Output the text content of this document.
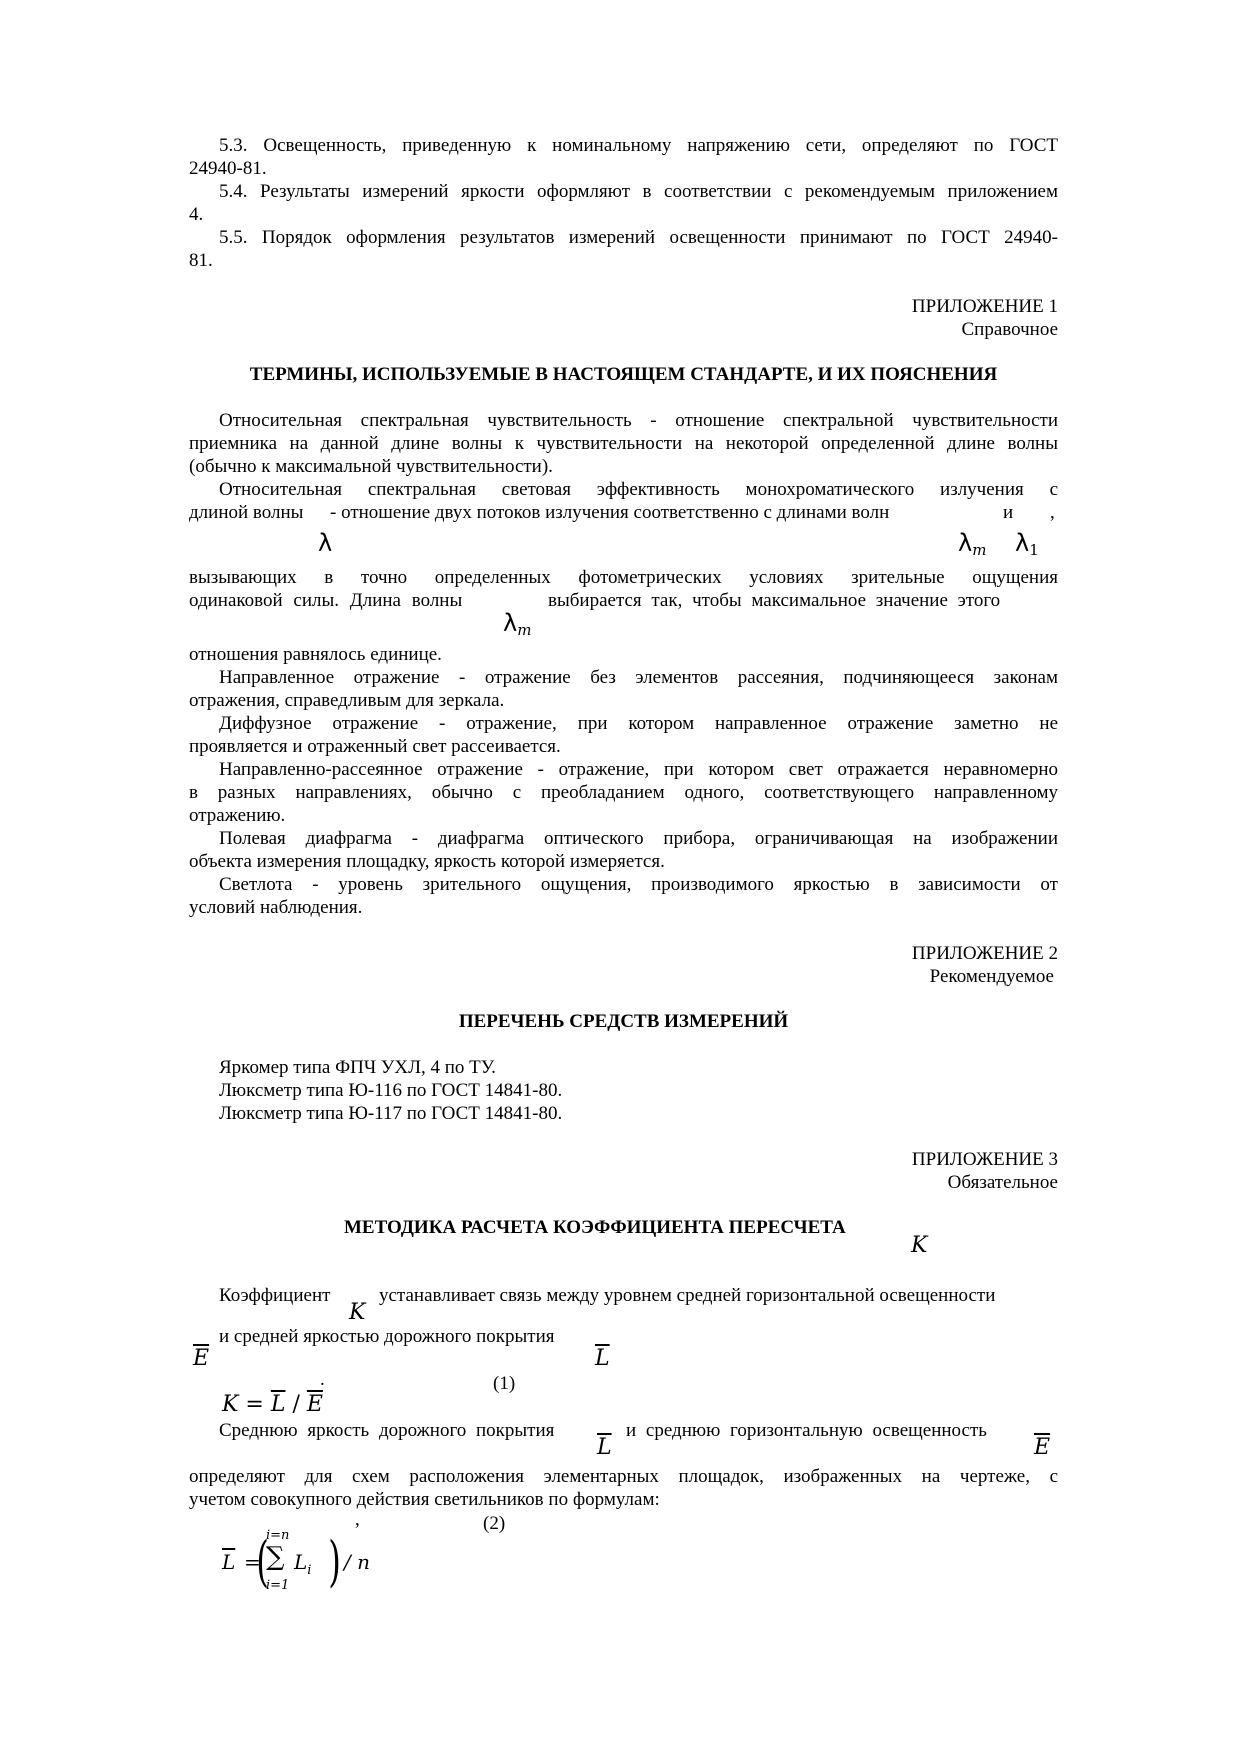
5.3. Освещенность, приведенную к номинальному напряжению сети, определяют по ГОСТ
24940-81.
5.4. Результаты измерений яркости оформляют в соответствии с рекомендуемым приложением
4.
5.5. Порядок оформления результатов измерений освещенности принимают по ГОСТ 24940-
81.
ПРИЛОЖЕНИЕ 1
Справочное
ТЕРМИНЫ, ИСПОЛЬЗУЕМЫЕ В НАСТОЯЩЕМ СТАНДАРТЕ, И ИХ ПОЯСНЕНИЯ
Относительная спектральная чувствительность - отношение спектральной чувствительности
приемника на данной длине волны к чувствительности на некоторой определенной длине волны
(обычно к максимальной чувствительности).
Относительная спектральная световая эффективность монохроматического излучения с
длиной волны - отношение двух потоков излучения соответственно с длинами волн	и ,
λ	$\lambda_m$ $\lambda_1$
вызывающих в точно определенных фотометрических условиях зрительные ощущения
одинаковой силы. Длина волны	выбирается так, чтобы максимальное значение этого
$\lambda_m$
отношения равнялось единице.
Направленное отражение - отражение без элементов рассеяния, подчиняющееся законам
отражения, справедливым для зеркала.
Диффузное отражение - отражение, при котором направленное отражение заметно не
проявляется и отраженный свет рассеивается.
Направленно-рассеянное отражение - отражение, при котором свет отражается неравномерно
в разных направлениях, обычно с преобладанием одного, соответствующего направленному
отражению.
Полевая диафрагма - диафрагма оптического прибора, ограничивающая на изображении
объекта измерения площадку, яркость которой измеряется.
Светлота - уровень зрительного ощущения, производимого яркостью в зависимости от
условий наблюдения.
ПРИЛОЖЕНИЕ 2
Рекомендуемое
ПЕРЕЧЕНЬ СРЕДСТВ ИЗМЕРЕНИЙ
Яркомер типа ФПЧ УХЛ, 4 по ТУ.
Люксметр типа Ю-116 по ГОСТ 14841-80.
Люксметр типа Ю-117 по ГОСТ 14841-80.
ПРИЛОЖЕНИЕ 3
Обязательное
МЕТОДИКА РАСЧЕТА КОЭФФИЦИЕНТА ПЕРЕСЧЕТА
K
Коэффициент
K
устанавливает связь между уровнем средней горизонтальной освещенности
и средней яркостью дорожного покрытия
$\overline{E}$	$\overline{L}$
.	(1)
$K = \overline{L} / \overline{E}$
Среднюю яркость дорожного покрытия
$\overline{L}$
и среднюю горизонтальную освещенность
$\overline{E}$
определяют для схем расположения элементарных площадок, изображенных на чертеже, с
учетом совокупного действия светильников по формулам:
,	(2)
$\overline{L}$ =
(
i=n
∑
i=1
$L_i$ ) / n
